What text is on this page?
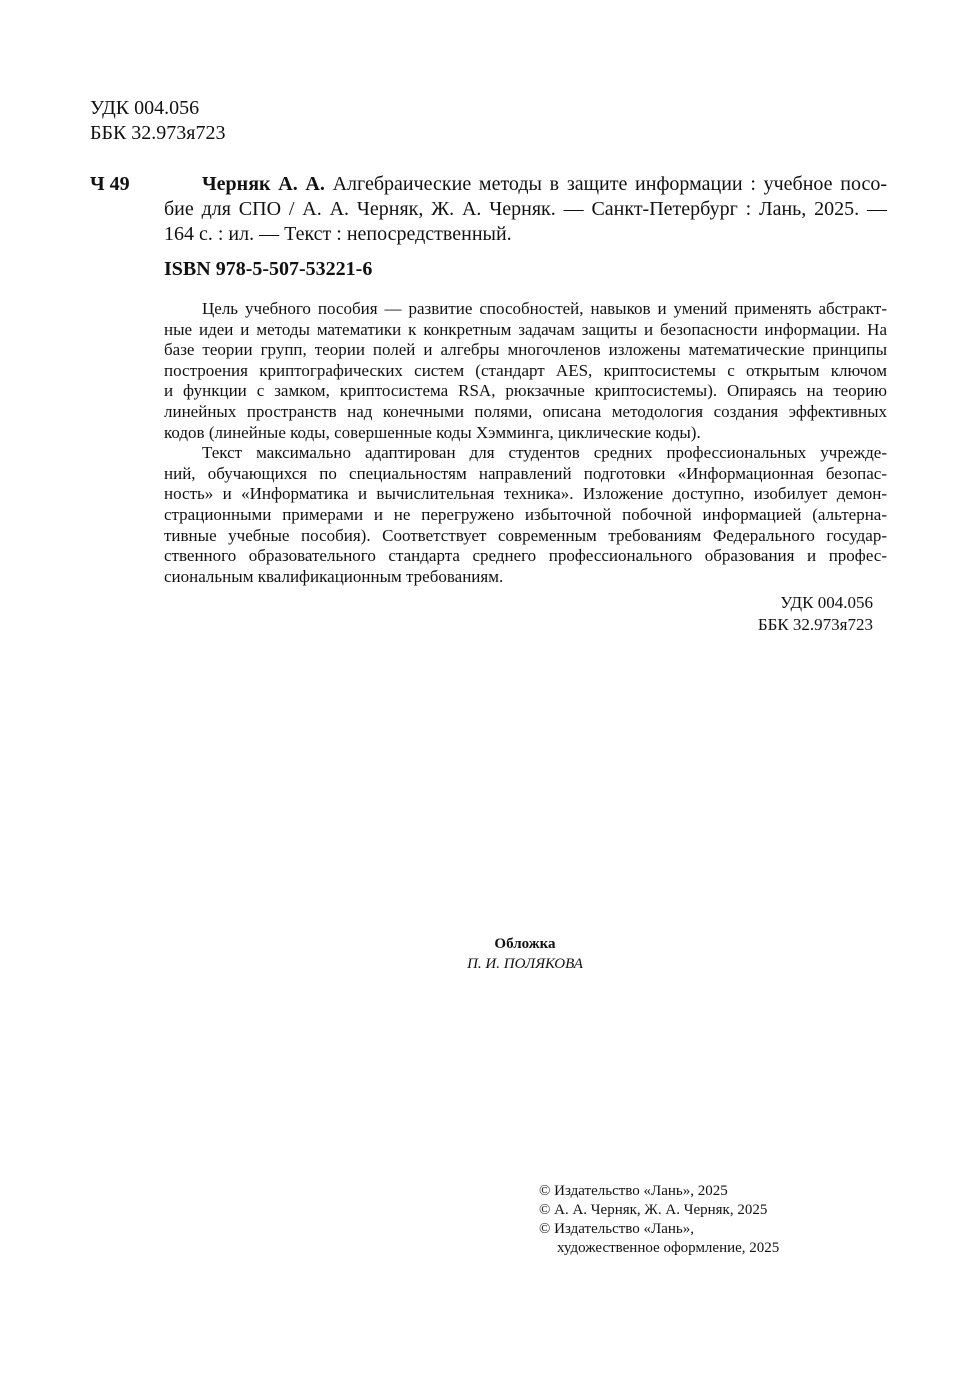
УДК 004.056
ББК 32.973я723
Ч 49	Черняк А. А. Алгебраические методы в защите информации : учебное посо-
бие для СПО / А. А. Черняк, Ж. А. Черняк. — Санкт-Петербург : Лань, 2025. —
164 с. : ил. — Текст : непосредственный.
ISBN 978-5-507-53221-6
Цель учебного пособия — развитие способностей, навыков и умений применять абстракт-
ные идеи и методы математики к конкретным задачам защиты и безопасности информации. На
базе теории групп, теории полей и алгебры многочленов изложены математические принципы
построения криптографических систем (стандарт AES, криптосистемы с открытым ключом
и функции с замком, криптосистема RSA, рюкзачные криптосистемы). Опираясь на теорию
линейных пространств над конечными полями, описана методология создания эффективных
кодов (линейные коды, совершенные коды Хэмминга, циклические коды).
Текст максимально адаптирован для студентов средних профессиональных учрежде-
ний, обучающихся по специальностям направлений подготовки «Информационная безопас-
ность» и «Информатика и вычислительная техника». Изложение доступно, изобилует демон-
страционными примерами и не перегружено избыточной побочной информацией (альтерна-
тивные учебные пособия). Соответствует современным требованиям Федерального государ-
ственного образовательного стандарта среднего профессионального образования и профес-
сиональным квалификационным требованиям.
УДК 004.056
ББК 32.973я723
Обложка
П. И. ПОЛЯКОВА
© Издательство «Лань», 2025
© А. А. Черняк, Ж. А. Черняк, 2025
© Издательство «Лань»,
художественное оформление, 2025
